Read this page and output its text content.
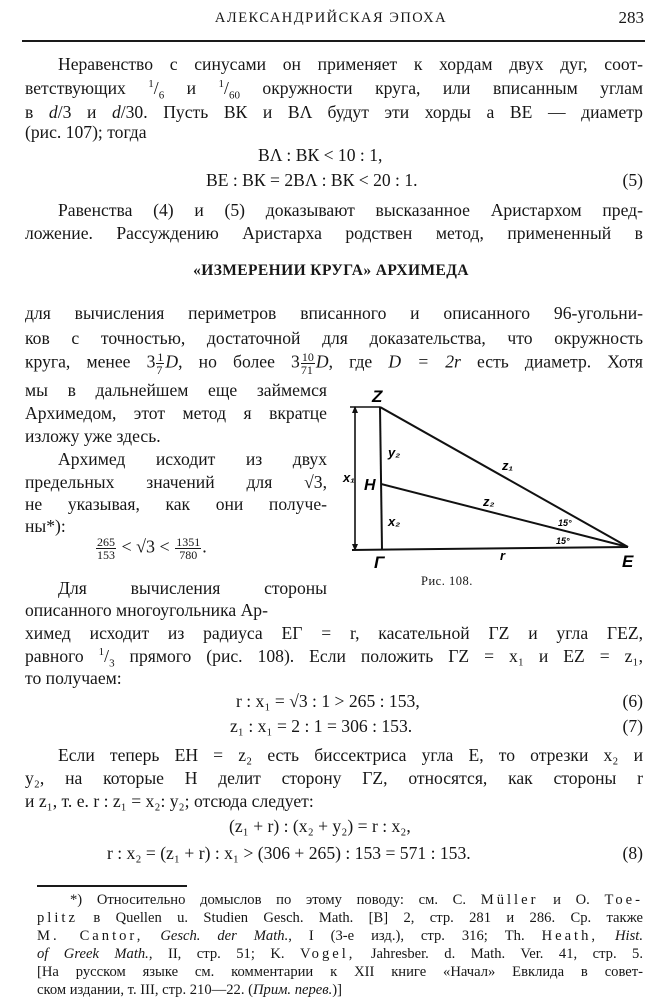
АЛЕКСАНДРИЙСКАЯ ЭПОХА	283
Неравенство с синусами он применяет к хордам двух дуг, соот-
ветствующих $^1/_6$ и $^1/_{60}$ окружности круга, или вписанным углам
в d/3 и d/30. Пусть ВК и ВΛ будут эти хорды а ВЕ — диаметр
(рис. 107); тогда
ВΛ : ВК < 10 : 1,
ВЕ : ВК = 2ВΛ : ВК < 20 : 1.	(5)
Равенства (4) и (5) доказывают высказанное Аристархом пред-
ложение. Рассуждению Аристарха родствен метод, примененный в
«ИЗМЕРЕНИИ КРУГА» АРХИМЕДА
для вычисления периметров вписанного и описанного 96-угольни-
ков с точностью, достаточной для доказательства, что окружность
круга, менее $3 \frac{1}{7} D$, но более $3 \frac{10}{71} D$, где D = 2r есть диаметр. Хотя
мы в дальнейшем еще займемся
Архимедом, этот метод я вкратце
изложу уже здесь.
Архимед исходит из двух
предельных значений для √3,
не указывая, как они получе-
ны*):
$\frac{265}{153} < √3 < \frac{1351}{780}$ .
Z
H
Γ	E
y₂
x₂
x₁
z₁
z₂
r
15°
15°
Рис. 108.
Для вычисления стороны
описанного многоугольника Ар-
химед исходит из радиуса ЕГ = r, касательной ГZ и угла ГЕZ,
равного $^1/_3$ прямого (рис. 108). Если положить ГZ = x₁ и ЕZ = z₁,
то получаем:
r : x₁ = √3 : 1 > 265 : 153,	(6)
z₁ : x₁ = 2 : 1 = 306 : 153.	(7)
Если теперь ЕН = z₂ есть биссектриса угла Е, то отрезки x₂ и
y₂, на которые Н делит сторону ГZ, относятся, как стороны r
и z₁, т. е. r : z₁ = x₂: y₂; отсюда следует:
(z₁ + r) : (x₂ + y₂) = r : x₂,
r : x₂ = (z₁ + r) : x₁ > (306 + 265) : 153 = 571 : 153.	(8)
*) Относительно домыслов по этому поводу: см. С. Müller и О. Toe-
plitz в Quellen u. Studien Gesch. Math. [B] 2, стр. 281 и 286. Ср. также
M. Cantor, Gesch. der Math., I (3-е изд.), стр. 316; Th. Heath, Hist.
of Greek Math., II, стр. 51; K. Vogel, Jahresber. d. Math. Ver. 41, стр. 5.
[На русском языке см. комментарии к XII книге «Начал» Евклида в совет-
ском издании, т. III, стр. 210—22. (Прим. перев.)]
